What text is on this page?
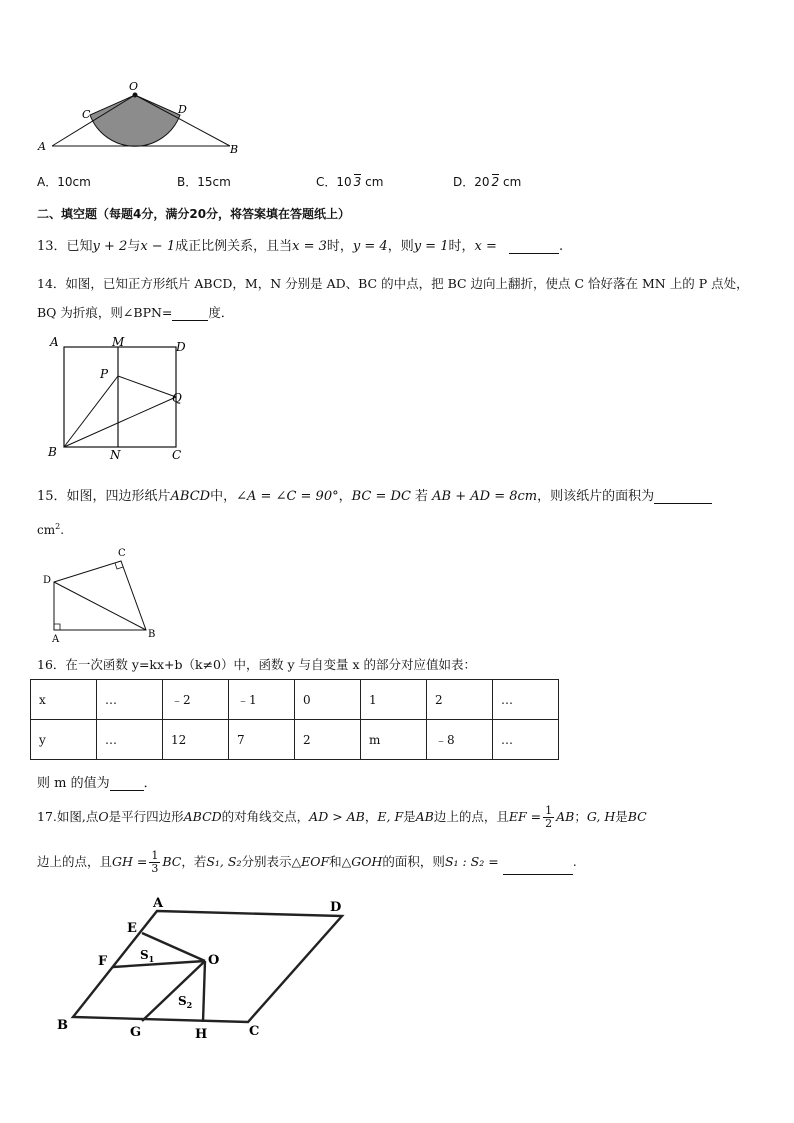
O
C	D
A	B
A．10cm	B．15cm	C．10 3 cm	D．20 2 cm
二、填空题（每题4分，满分20分，将答案填在答题纸上）
13．已知y + 2与x − 1成正比例关系，且当x = 3时，y = 4，则y = 1时，x =	.
14．如图，已知正方形纸片 ABCD，M，N 分别是 AD、BC 的中点，把 BC 边向上翻折，使点 C 恰好落在 MN 上的 P 点处，
BQ 为折痕，则∠BPN=	度．
A	M	D
P
Q
B	N	C
15．如图，四边形纸片ABCD中，∠A = ∠C = 90°，BC = DC 若 AB + AD = 8cm，则该纸片的面积为
$cm^2$.
C
D
A	B
16．在一次函数 y=kx+b（k≠0）中，函数 y 与自变量 x 的部分对应值如表：
x	…	﹣2	﹣1	0	1	2	…
y	…	12	7	2	m	﹣8	…
则 m 的值为	．
17.如图,点O是平行四边形ABCD的对角线交点，AD > AB，E, F是AB边上的点，且EF = $\frac{1}{2}$ AB；G, H是BC
边上的点，且GH = $\frac{1}{3}$ BC，若S₁, S₂分别表示△EOF和△GOH的面积，则S₁ : S₂ =	.
A	D
E
$S_1$
F	O
$S_2$
B	G	H	C
